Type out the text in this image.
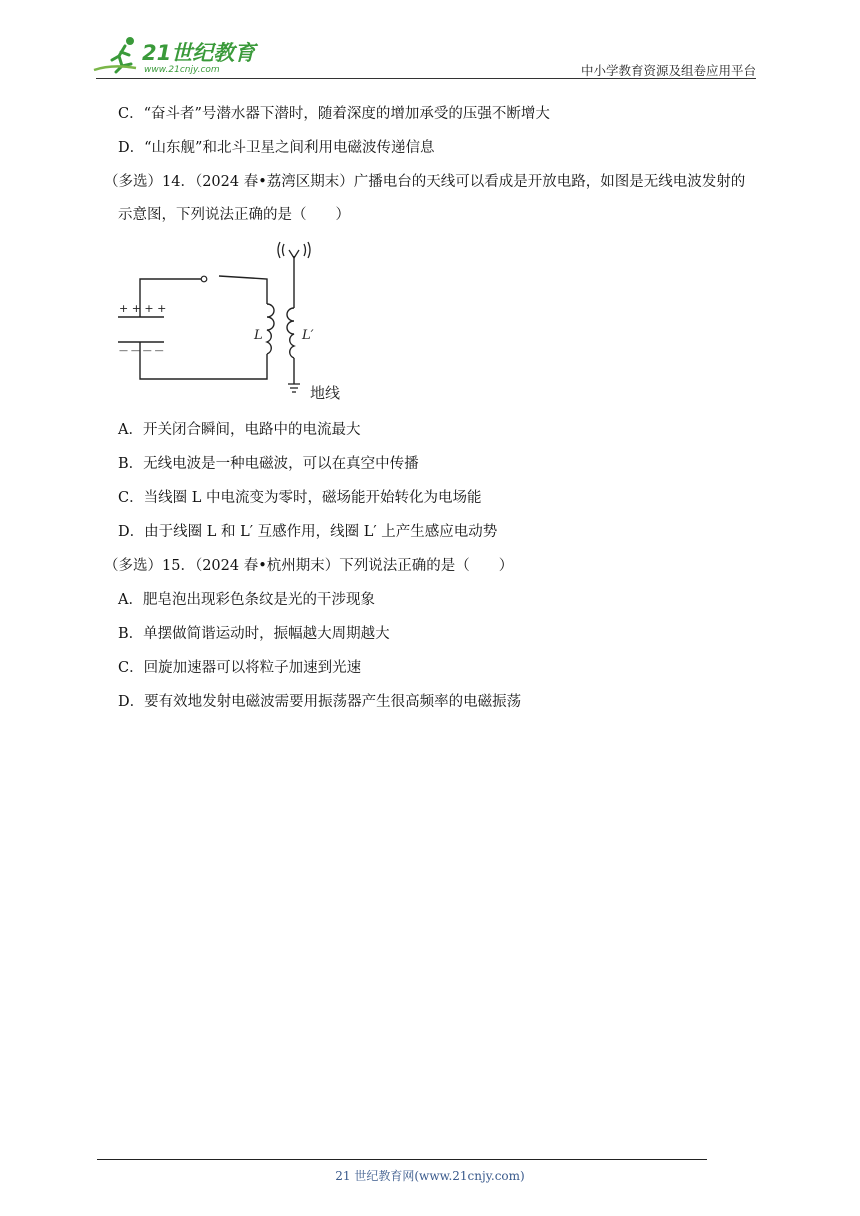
21世纪教育
www.21cnjy.com	中小学教育资源及组卷应用平台
C．“奋斗者”号潜水器下潜时，随着深度的增加承受的压强不断增大
D．“山东舰”和北斗卫星之间利用电磁波传递信息
（多选）14．（2024 春•荔湾区期末）广播电台的天线可以看成是开放电路，如图是无线电波发射的
示意图，下列说法正确的是（　　）
+ + + +
— — — —
L	L′
地线
A．开关闭合瞬间，电路中的电流最大
B．无线电波是一种电磁波，可以在真空中传播
C．当线圈 L 中电流变为零时，磁场能开始转化为电场能
D．由于线圈 L 和 L′ 互感作用，线圈 L′ 上产生感应电动势
（多选）15．（2024 春•杭州期末）下列说法正确的是（　　）
A．肥皂泡出现彩色条纹是光的干涉现象
B．单摆做简谐运动时，振幅越大周期越大
C．回旋加速器可以将粒子加速到光速
D．要有效地发射电磁波需要用振荡器产生很高频率的电磁振荡
21 世纪教育网(www.21cnjy.com)
